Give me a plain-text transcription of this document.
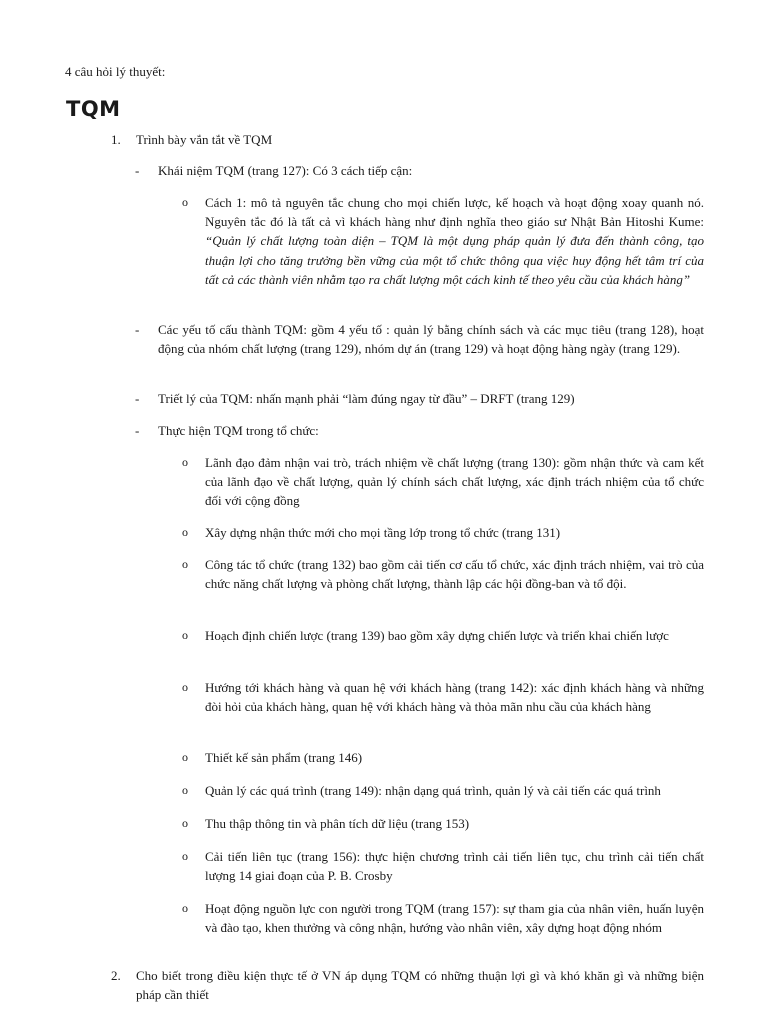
4 câu hỏi lý thuyết:
TQM
1.	Trình bày vắn tắt về TQM
- Khái niệm TQM (trang 127): Có 3 cách tiếp cận:
o Cách 1: mô tả nguyên tắc chung cho mọi chiến lược, kế hoạch và hoạt động xoay quanh nó. Nguyên tắc đó là tất cả vì khách hàng như định nghĩa theo giáo sư Nhật Bản Hitoshi Kume: “Quản lý chất lượng toàn diện – TQM là một dụng pháp quản lý đưa đến thành công, tạo thuận lợi cho tăng trưởng bền vững của một tổ chức thông qua việc huy động hết tâm trí của tất cả các thành viên nhằm tạo ra chất lượng một cách kinh tế theo yêu cầu của khách hàng”
- Các yếu tố cấu thành TQM: gồm 4 yếu tố : quản lý bằng chính sách và các mục tiêu (trang 128), hoạt động của nhóm chất lượng (trang 129), nhóm dự án (trang 129) và hoạt động hàng ngày (trang 129).
- Triết lý của TQM: nhấn mạnh phải “làm đúng ngay từ đầu” – DRFT (trang 129)
- Thực hiện TQM trong tổ chức:
o Lãnh đạo đảm nhận vai trò, trách nhiệm về chất lượng (trang 130): gồm nhận thức và cam kết của lãnh đạo về chất lượng, quản lý chính sách chất lượng, xác định trách nhiệm của tổ chức đối với cộng đồng
o Xây dựng nhận thức mới cho mọi tầng lớp trong tổ chức (trang 131)
o Công tác tổ chức (trang 132) bao gồm cải tiến cơ cấu tổ chức, xác định trách nhiệm, vai trò của chức năng chất lượng và phòng chất lượng, thành lập các hội đồng-ban và tổ đội.
o Hoạch định chiến lược (trang 139) bao gồm xây dựng chiến lược và triển khai chiến lược
o Hướng tới khách hàng và quan hệ với khách hàng (trang 142): xác định khách hàng và những đòi hỏi của khách hàng, quan hệ với khách hàng và thỏa mãn nhu cầu của khách hàng
o Thiết kế sản phẩm (trang 146)
o Quản lý các quá trình (trang 149): nhận dạng quá trình, quản lý và cải tiến các quá trình
o Thu thập thông tin và phân tích dữ liệu (trang 153)
o Cải tiến liên tục (trang 156): thực hiện chương trình cải tiến liên tục, chu trình cải tiến chất lượng 14 giai đoạn của P. B. Crosby
o Hoạt động nguồn lực con người trong TQM (trang 157): sự tham gia của nhân viên, huấn luyện và đào tạo, khen thưởng và công nhận, hướng vào nhân viên, xây dựng hoạt động nhóm
2.	Cho biết trong điều kiện thực tế ở VN áp dụng TQM có những thuận lợi gì và khó khăn gì và những biện pháp cần thiết
